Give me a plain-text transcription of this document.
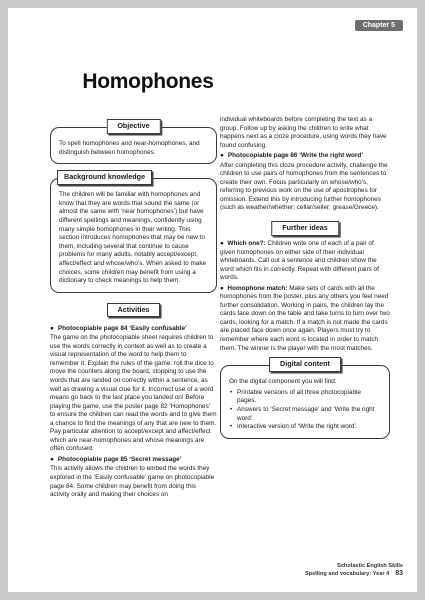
Chapter 5
Homophones
Objective
To spell homophones and near-homophones, and distinguish between homophones.
Background knowledge
The children will be familiar with homophones and know that they are words that sound the same (or almost the same with ‘near homophones’) but have different spellings and meanings, confidently using many simple homophones in their writing. This section introduces homophones that may be new to them, including several that continue to cause problems for many adults, notably accept/except, affect/effect and whose/who’s. When asked to make choices, some children may benefit from using a dictionary to check meanings to help them.
Activities
● Photocopiable page 84 ‘Easily confusable’
The game on the photocopiable sheet requires children to use the words correctly in context as well as to create a visual representation of the word to help them to remember it. Explain the rules of the game: roll the dice to move the counters along the board, stopping to use the words that are landed on correctly within a sentence, as well as drawing a visual clue for it. Incorrect use of a word means go back to the last place you landed on! Before playing the game, use the poster page 82 ‘Homophones’ to ensure the children can read the words and to give them a chance to find the meanings of any that are new to them. Pay particular attention to accept/except and affect/effect which are near-homophones and whose meanings are often confused.
● Photocopiable page 85 ‘Secret message’
This activity allows the children to embed the words they explored in the ‘Easily confusable’ game on photocopiable page 84. Some children may benefit from doing this activity orally and making their choices on
individual whiteboards before completing the text as a group. Follow up by asking the children to write what happens next as a cloze procedure, using words they have found confusing.
● Photocopiable page 86 ‘Write the right word’
After completing this cloze procedure activity, challenge the children to use pairs of homophones from the sentences to create their own. Focus particularly on whose/who’s, referring to previous work on the use of apostrophes for omission. Extend this by introducing further homophones (such as weather/whether; cellar/seller; grease/Greece).
Further ideas
●  Which one?: Children write one of each of a pair of given homophones on either side of their individual whiteboards. Call out a sentence and children show the word which fits in correctly. Repeat with different pairs of words.
●  Homophone match: Make sets of cards with all the homophones from the poster, plus any others you feel need further consolidation. Working in pairs, the children lay the cards face down on the table and take turns to turn over two cards, looking for a match. If a match is not made the cards are placed face down once again. Players must try to remember where each word is located in order to match them. The winner is the player with the most matches.
Digital content
On the digital component you will find:
• Printable versions of all three photocopiable pages.
• Answers to ‘Secret message’ and ‘Write the right word’.
• Interactive version of ‘Write the right word’.
Scholastic English Skills
Spelling and vocabulary: Year 4 83
